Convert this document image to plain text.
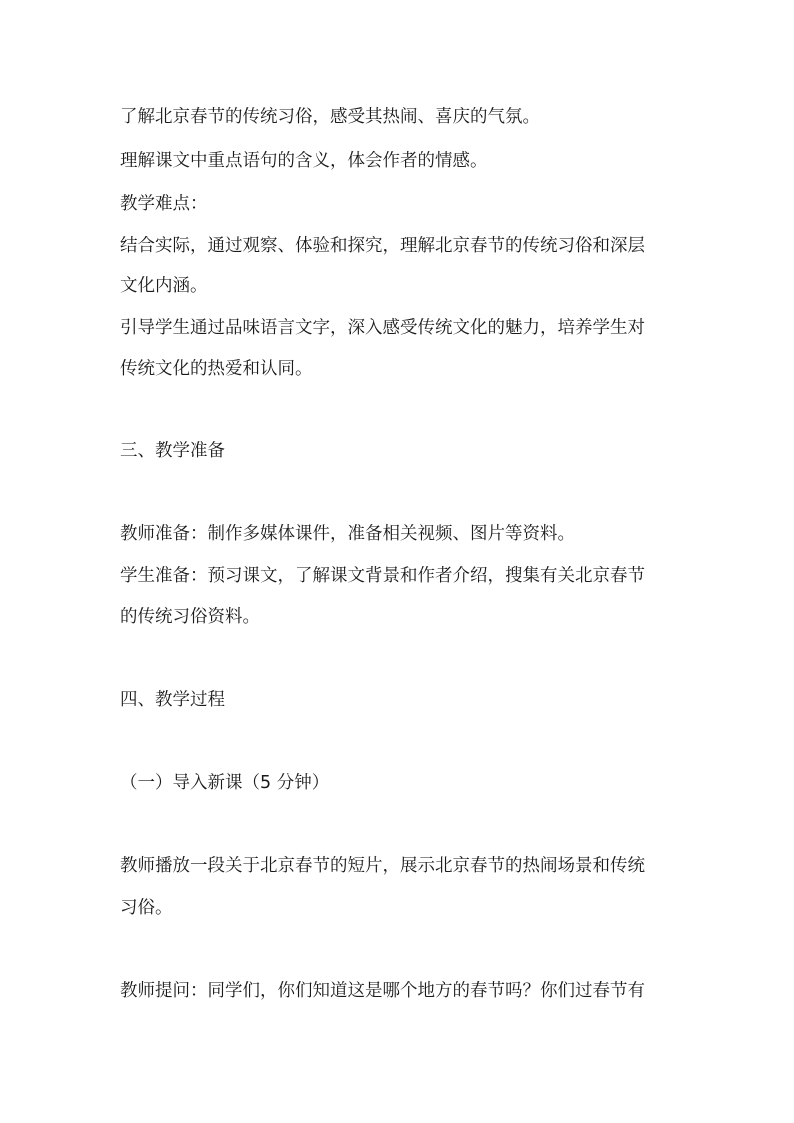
了解北京春节的传统习俗，感受其热闹、喜庆的气氛。
理解课文中重点语句的含义，体会作者的情感。
教学难点：
结合实际，通过观察、体验和探究，理解北京春节的传统习俗和深层
文化内涵。
引导学生通过品味语言文字，深入感受传统文化的魅力，培养学生对
传统文化的热爱和认同。
三、教学准备
教师准备：制作多媒体课件，准备相关视频、图片等资料。
学生准备：预习课文，了解课文背景和作者介绍，搜集有关北京春节
的传统习俗资料。
四、教学过程
（一）导入新课（5 分钟）
教师播放一段关于北京春节的短片，展示北京春节的热闹场景和传统
习俗。
教师提问：同学们，你们知道这是哪个地方的春节吗？你们过春节有
